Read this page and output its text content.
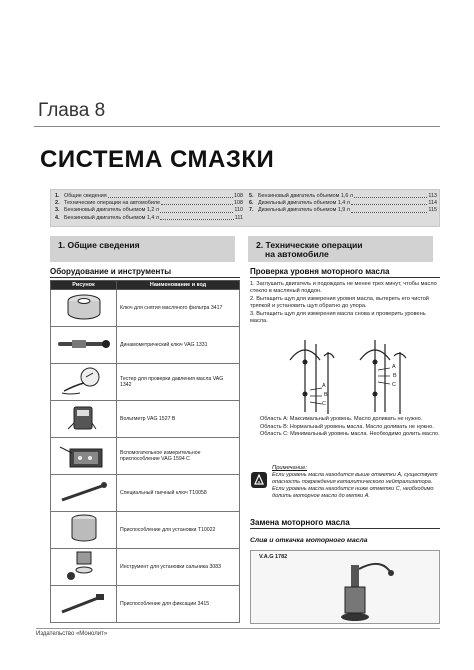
Глава 8
СИСТЕМА СМАЗКИ
1. Общие сведения	108
2. Технические операции на автомобиле	108
3. Бензиновый двигатель объемом 1,2 л	110
4. Бензиновый двигатель объемом 1,4 л	111
5. Бензиновый двигатель объемом 1,6 л	113
6. Дизельный двигатель объемом 1,4 л	114
7. Дизельный двигатель объемом 1,9 л	115
1. Общие сведения	2. Технические операции
на автомобиле
Оборудование и инструменты
Рисунок	Наименование и код
	Ключ для снятия масляного фильтра 3417
	Динамометрический ключ VAG 1331
	Тестер для проверки давления масла VAG 1342
	Вольтметр VAG 1527 В
	Вспомогательное измерительное приспособление VAG 1594 С
	Специальный гаечный ключ Т10058
	Приспособление для установки Т10022
	Инструмент для установки сальника 3083
	Приспособление для фиксации 3415
Проверка уровня моторного масла

1. Заглушить двигатель и подождать не менее трех минут, чтобы масло стекло в масляный поддон.

2. Вытащить щуп для измерения уровня масла, вытереть его чистой тряпкой и установить щуп обратно до упора.

3. Вытащить щуп для измерения масла снова и проверить уровень масла.

A
B
C
A
B
C

Область А: Максимальный уровень. Масло доливать не нужно.

Область В: Нормальный уровень масла. Масло доливать не нужно.

Область С: Минимальный уровень масла. Необходимо долить масло.

Примечание:
Если уровень масла находится выше отметки А, существует опасность повреждения каталитического нейтрализатора. Если уровень масла находится ниже отметки С, необходимо долить моторное масло до метки А.
Замена моторного масла
Слив и откачка моторного масла
V.A.G 1782
Издательство «Монолит»
